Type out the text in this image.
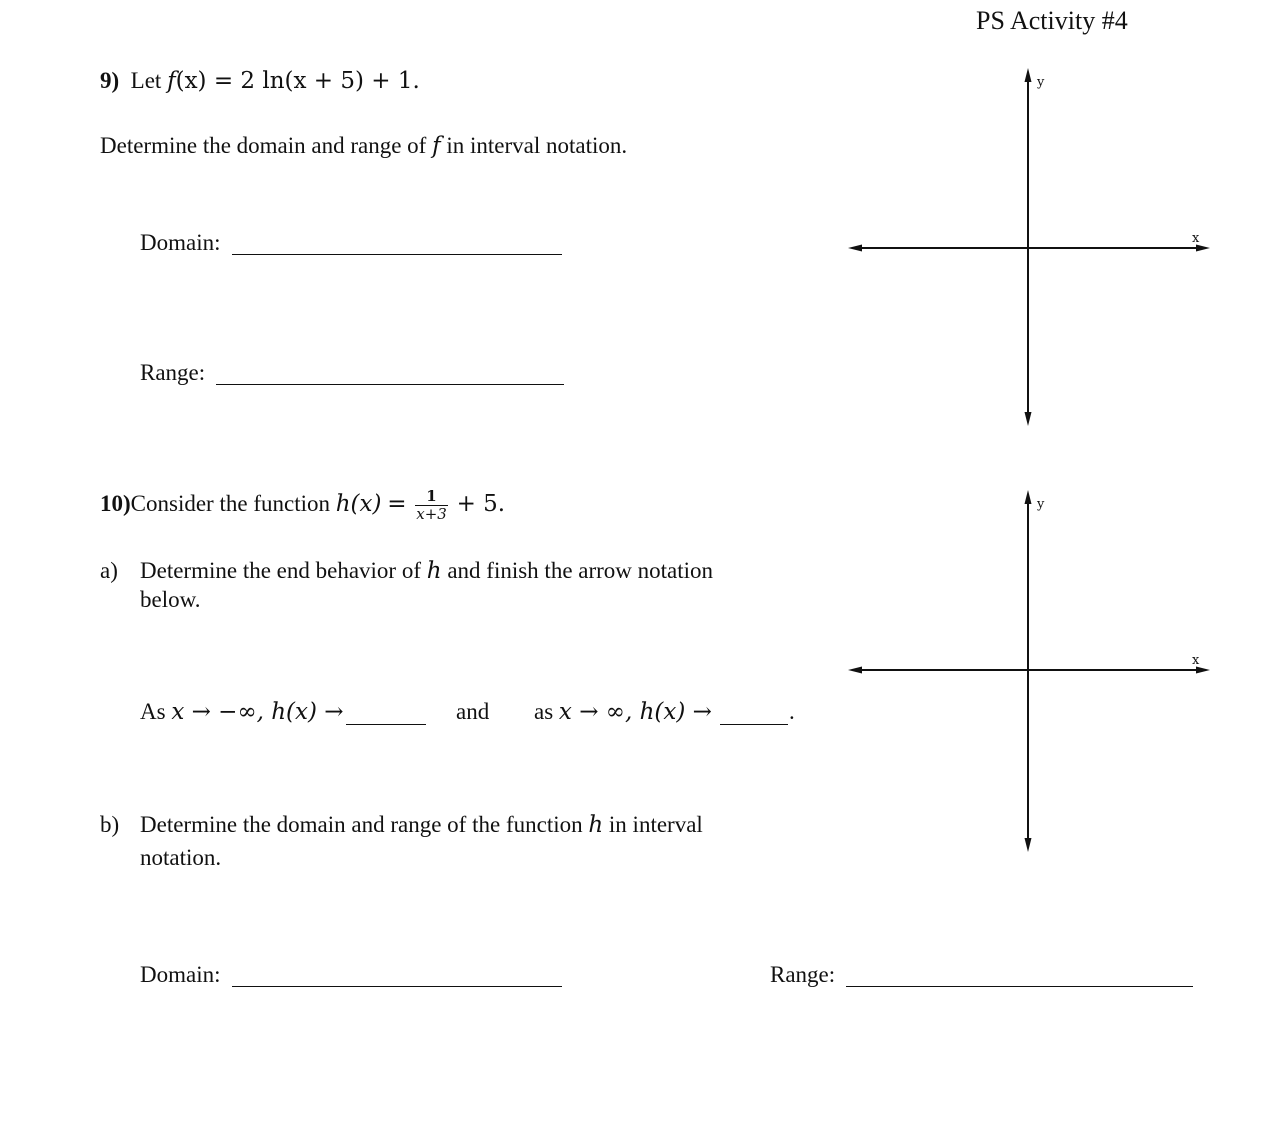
PS Activity #4
9) Let f(x) = 2 ln(x + 5) + 1.
Determine the domain and range of f in interval notation.
Domain:
Range:
y
x
10)Consider the function $h(x) = \frac{1}{x+3} + 5$.
a) Determine the end behavior of h and finish the arrow notation
below.
As x → −∞, h(x) →	and as x → ∞, h(x) →	.
b) Determine the domain and range of the function h in interval
notation.
Domain:	Range:
y
x
